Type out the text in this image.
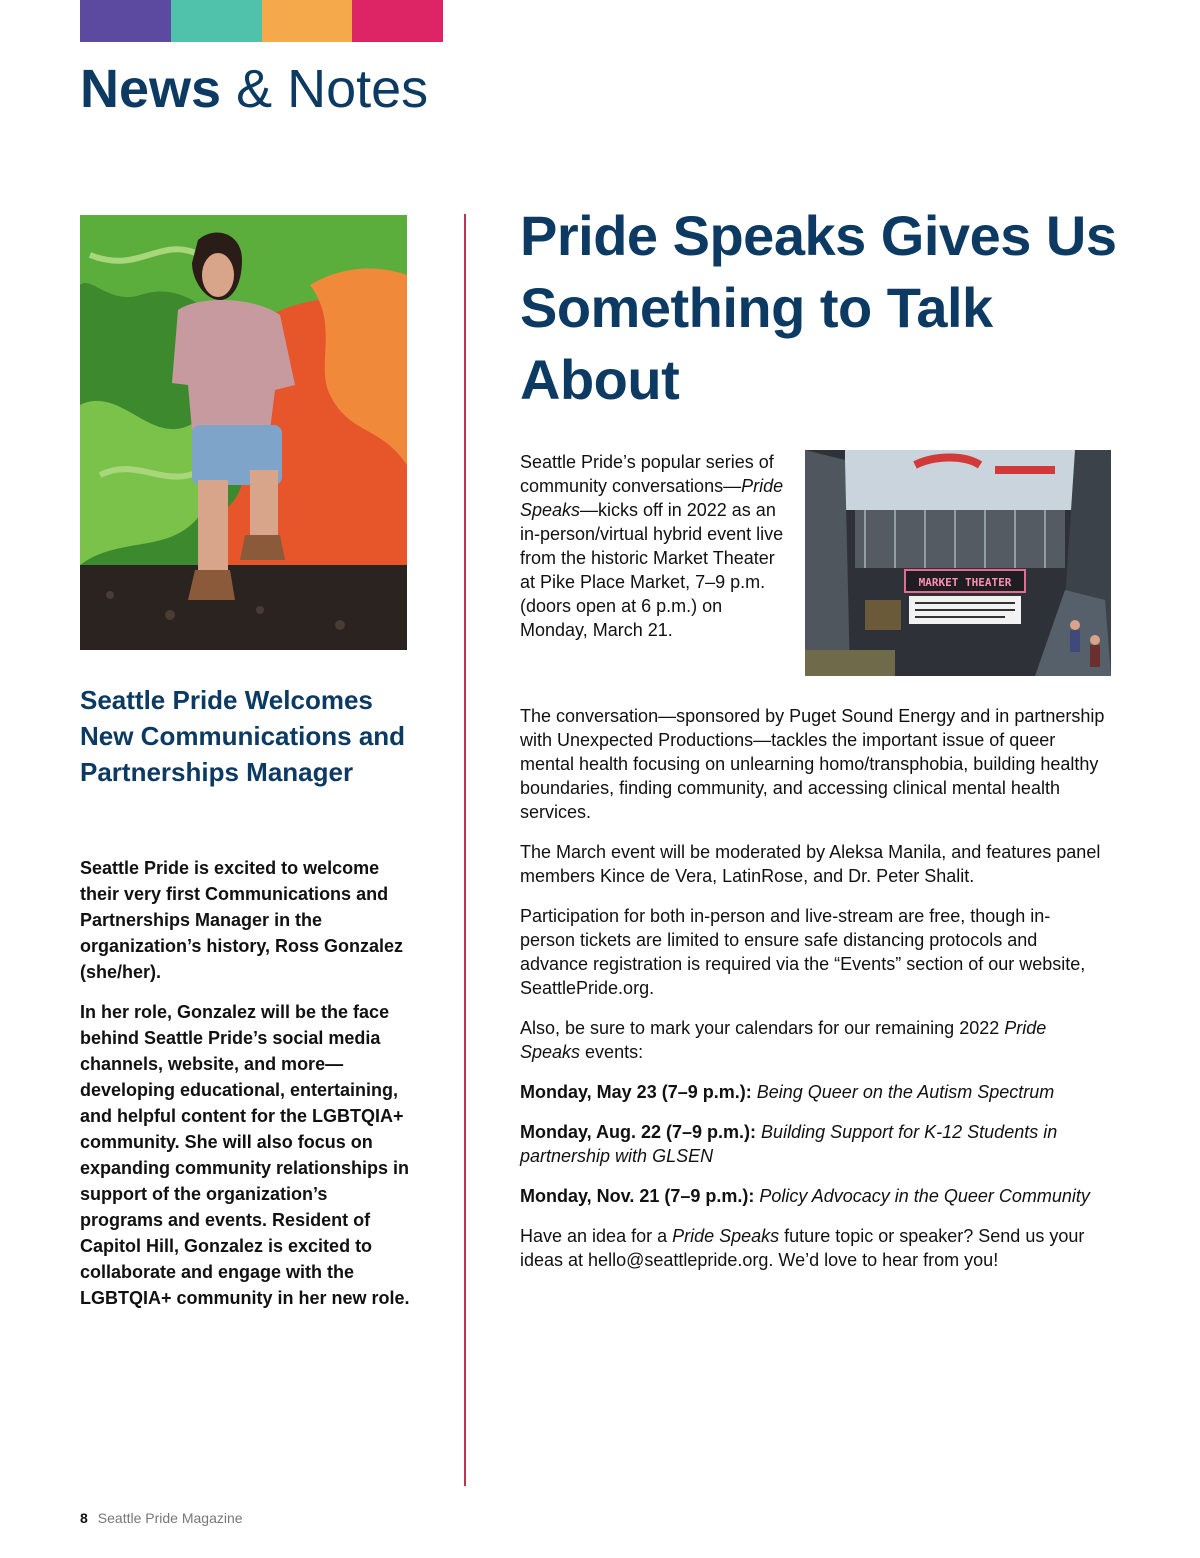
News & Notes
Seattle Pride Welcomes New Communications and Partnerships Manager

Seattle Pride is excited to welcome their very first Communications and Partnerships Manager in the organization’s history, Ross Gonzalez (she/her).

In her role, Gonzalez will be the face behind Seattle Pride’s social media channels, website, and more—developing educational, entertaining, and helpful content for the LGBTQIA+ community. She will also focus on expanding community relationships in support of the organization’s programs and events. Resident of Capitol Hill, Gonzalez is excited to collaborate and engage with the LGBTQIA+ community in her new role.

Pride Speaks Gives Us Something to Talk About
MARKET THEATER

Seattle Pride’s popular series of community conversations—Pride Speaks—kicks off in 2022 as an in-person/virtual hybrid event live from the historic Market Theater at Pike Place Market, 7–9 p.m. (doors open at 6 p.m.) on Monday, March 21.

The conversation—sponsored by Puget Sound Energy and in partnership with Unexpected Productions—tackles the important issue of queer mental health focusing on unlearning homo/transphobia, building healthy boundaries, finding community, and accessing clinical mental health services.

The March event will be moderated by Aleksa Manila, and features panel members Kince de Vera, LatinRose, and Dr. Peter Shalit.

Participation for both in-person and live-stream are free, though in-person tickets are limited to ensure safe distancing protocols and advance registration is required via the “Events” section of our website, SeattlePride.org.

Also, be sure to mark your calendars for our remaining 2022 Pride Speaks events:

Monday, May 23 (7–9 p.m.): Being Queer on the Autism Spectrum

Monday, Aug. 22 (7–9 p.m.): Building Support for K-12 Students in partnership with GLSEN

Monday, Nov. 21 (7–9 p.m.): Policy Advocacy in the Queer Community

Have an idea for a Pride Speaks future topic or speaker? Send us your ideas at hello@seattlepride.org. We’d love to hear from you!

8 Seattle Pride Magazine
